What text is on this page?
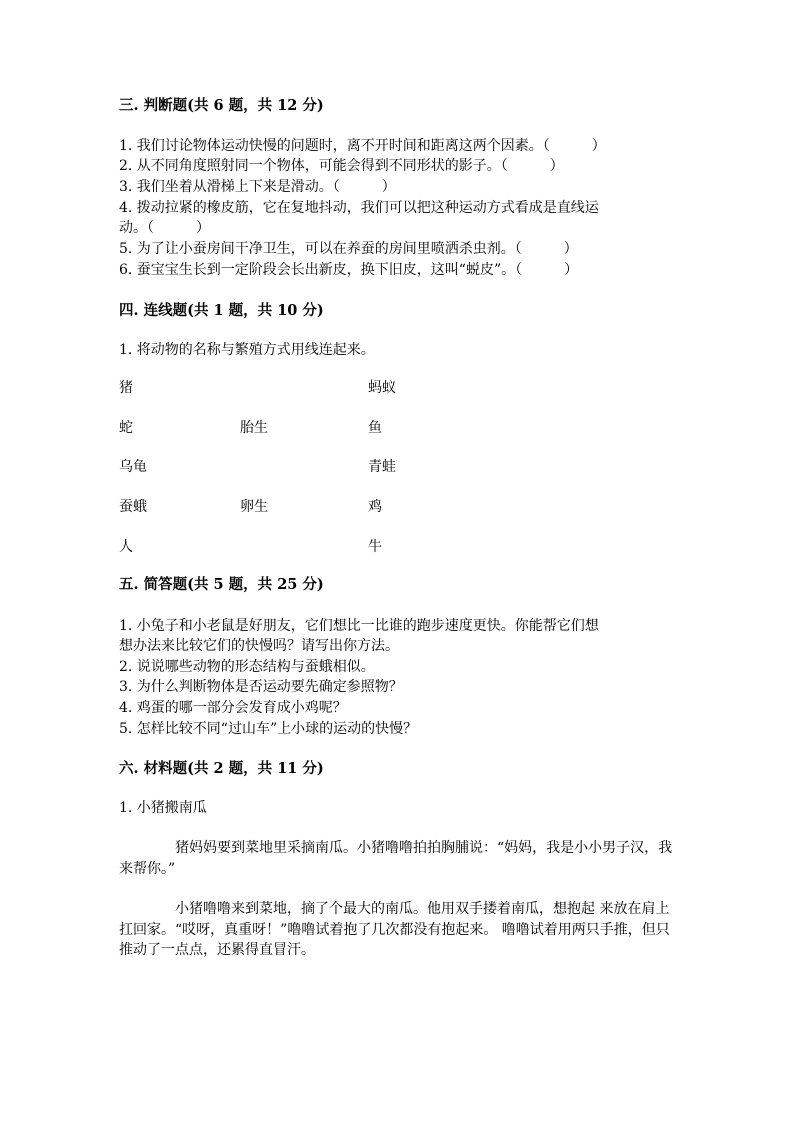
三. 判断题(共 6 题，共 12 分)
1. 我们讨论物体运动快慢的问题时，离不开时间和距离这两个因素。（　　　）
2. 从不同角度照射同一个物体，可能会得到不同形状的影子。（　　　）
3. 我们坐着从滑梯上下来是滑动。（　　　）
4. 拨动拉紧的橡皮筋，它在复地抖动，我们可以把这种运动方式看成是直线运
动。（　　　）
5. 为了让小蚕房间干净卫生，可以在养蚕的房间里喷洒杀虫剂。（　　　）
6. 蚕宝宝生长到一定阶段会长出新皮，换下旧皮，这叫“蜕皮”。（　　　）
四. 连线题(共 1 题，共 10 分)
1. 将动物的名称与繁殖方式用线连起来。
猪
蛇
乌龟
蚕蛾
人
胎生
卵生
蚂蚁
鱼
青蛙
鸡
牛
五. 简答题(共 5 题，共 25 分)
1. 小兔子和小老鼠是好朋友，它们想比一比谁的跑步速度更快。你能帮它们想
想办法来比较它们的快慢吗？请写出你方法。
2. 说说哪些动物的形态结构与蚕蛾相似。
3. 为什么判断物体是否运动要先确定参照物？
4. 鸡蛋的哪一部分会发育成小鸡呢？
5. 怎样比较不同“过山车”上小球的运动的快慢？
六. 材料题(共 2 题，共 11 分)
1. 小猪搬南瓜
猪妈妈要到菜地里采摘南瓜。小猪噜噜拍拍胸脯说：“妈妈，我是小小男子汉，我来帮你。”
小猪噜噜来到菜地，摘了个最大的南瓜。他用双手搂着南瓜，想抱起 来放在肩上扛回家。“哎呀，真重呀！”噜噜试着抱了几次都没有抱起来。 噜噜试着用两只手推，但只推动了一点点，还累得直冒汗。
